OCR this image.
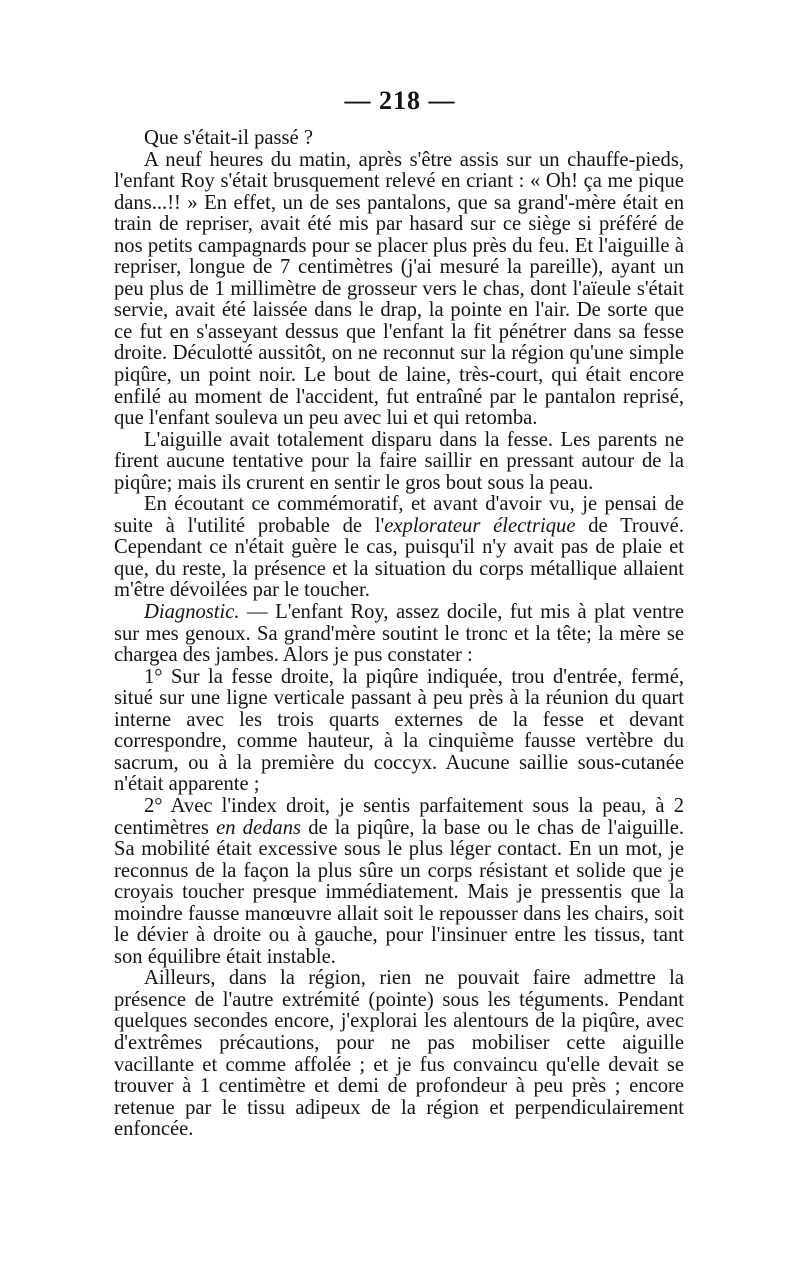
— 218 —

Que s'était-il passé ?

A neuf heures du matin, après s'être assis sur un chauffe-pieds, l'enfant Roy s'était brusquement relevé en criant : « Oh! ça me pique dans...!! » En effet, un de ses pantalons, que sa grand'-mère était en train de repriser, avait été mis par hasard sur ce siège si préféré de nos petits campagnards pour se placer plus près du feu. Et l'aiguille à repriser, longue de 7 centimètres (j'ai mesuré la pareille), ayant un peu plus de 1 millimètre de grosseur vers le chas, dont l'aïeule s'était servie, avait été laissée dans le drap, la pointe en l'air. De sorte que ce fut en s'asseyant dessus que l'enfant la fit pénétrer dans sa fesse droite. Déculotté aussitôt, on ne reconnut sur la région qu'une simple piqûre, un point noir. Le bout de laine, très-court, qui était encore enfilé au moment de l'accident, fut entraîné par le pantalon reprisé, que l'enfant souleva un peu avec lui et qui retomba.

L'aiguille avait totalement disparu dans la fesse. Les parents ne firent aucune tentative pour la faire saillir en pressant autour de la piqûre; mais ils crurent en sentir le gros bout sous la peau.

En écoutant ce commémoratif, et avant d'avoir vu, je pensai de suite à l'utilité probable de l'explorateur électrique de Trouvé. Cependant ce n'était guère le cas, puisqu'il n'y avait pas de plaie et que, du reste, la présence et la situation du corps métallique allaient m'être dévoilées par le toucher.

Diagnostic. — L'enfant Roy, assez docile, fut mis à plat ventre sur mes genoux. Sa grand'mère soutint le tronc et la tête; la mère se chargea des jambes. Alors je pus constater :

1° Sur la fesse droite, la piqûre indiquée, trou d'entrée, fermé, situé sur une ligne verticale passant à peu près à la réunion du quart interne avec les trois quarts externes de la fesse et devant correspondre, comme hauteur, à la cinquième fausse vertèbre du sacrum, ou à la première du coccyx. Aucune saillie sous-cutanée n'était apparente ;

2° Avec l'index droit, je sentis parfaitement sous la peau, à 2 centimètres en dedans de la piqûre, la base ou le chas de l'aiguille. Sa mobilité était excessive sous le plus léger contact. En un mot, je reconnus de la façon la plus sûre un corps résistant et solide que je croyais toucher presque immédiatement. Mais je pressentis que la moindre fausse manœuvre allait soit le repousser dans les chairs, soit le dévier à droite ou à gauche, pour l'insinuer entre les tissus, tant son équilibre était instable.

Ailleurs, dans la région, rien ne pouvait faire admettre la présence de l'autre extrémité (pointe) sous les téguments. Pendant quelques secondes encore, j'explorai les alentours de la piqûre, avec d'extrêmes précautions, pour ne pas mobiliser cette aiguille vacillante et comme affolée ; et je fus convaincu qu'elle devait se trouver à 1 centimètre et demi de profondeur à peu près ; encore retenue par le tissu adipeux de la région et perpendiculairement enfoncée.
